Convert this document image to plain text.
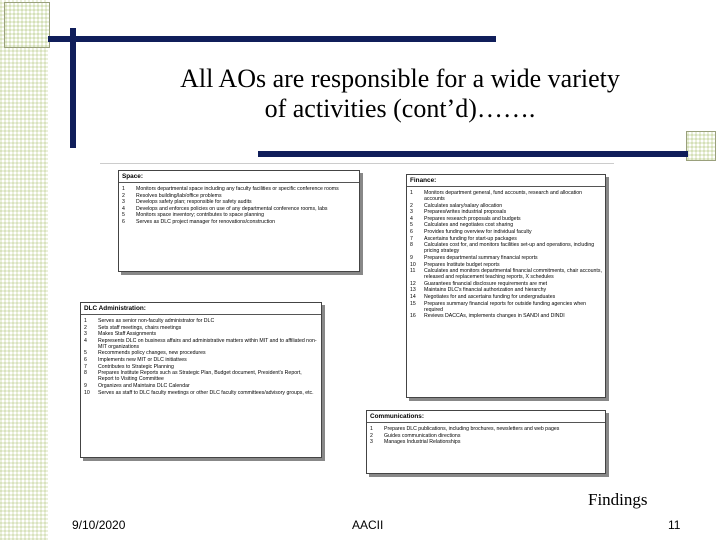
All AOs are responsible for a wide variety
of activities (cont’d)…….
Space:
1	Monitors departmental space including any faculty facilities or specific conference rooms
2	Resolves building/lab/office problems
3	Develops safety plan; responsible for safety audits
4	Develops and enforces policies on use of any departmental conference rooms, labs
5	Monitors space inventory; contributes to space planning
6	Serves as DLC project manager for renovations/construction
Finance:
1	Monitors department general, fund accounts, research and allocation accounts
2	Calculates salary/salary allocation
3	Prepares/writes industrial proposals
4	Prepares research proposals and budgets
5	Calculates and negotiates cost sharing
6	Provides funding overview for individual faculty
7	Ascertains funding for start-up packages
8	Calculates cost for, and monitors facilities set-up and operations, including pricing strategy
9	Prepares departmental summary financial reports
10	Prepares Institute budget reports
11	Calculates and monitors departmental financial commitments, chair accounts, released and replacement teaching reports, X schedules
12	Guarantees financial disclosure requirements are met
13	Maintains DLC's financial authorization and hierarchy
14	Negotiates for and ascertains funding for undergraduates
15	Prepares summary financial reports for outside funding agencies when required
16	Reviews DACCAs, implements changes in SANDI and DINDI
DLC Administration:
1	Serves as senior non-faculty administrator for DLC
2	Sets staff meetings, chairs meetings
3	Makes Staff Assignments
4	Represents DLC on business affairs and administrative matters within MIT and to affiliated non-MIT organizations
5	Recommends policy changes, new procedures
6	Implements new MIT or DLC initiatives
7	Contributes to Strategic Planning
8	Prepares Institute Reports such as Strategic Plan, Budget document, President's Report, Report to Visiting Committee
9	Organizes and Maintains DLC Calendar
10	Serves as staff to DLC faculty meetings or other DLC faculty committees/advisory groups, etc.
Communications:
1	Prepares DLC publications, including brochures, newsletters and web pages
2	Guides communication directions
3	Manages Industrial Relationships
Findings
9/10/2020	AACII	11
